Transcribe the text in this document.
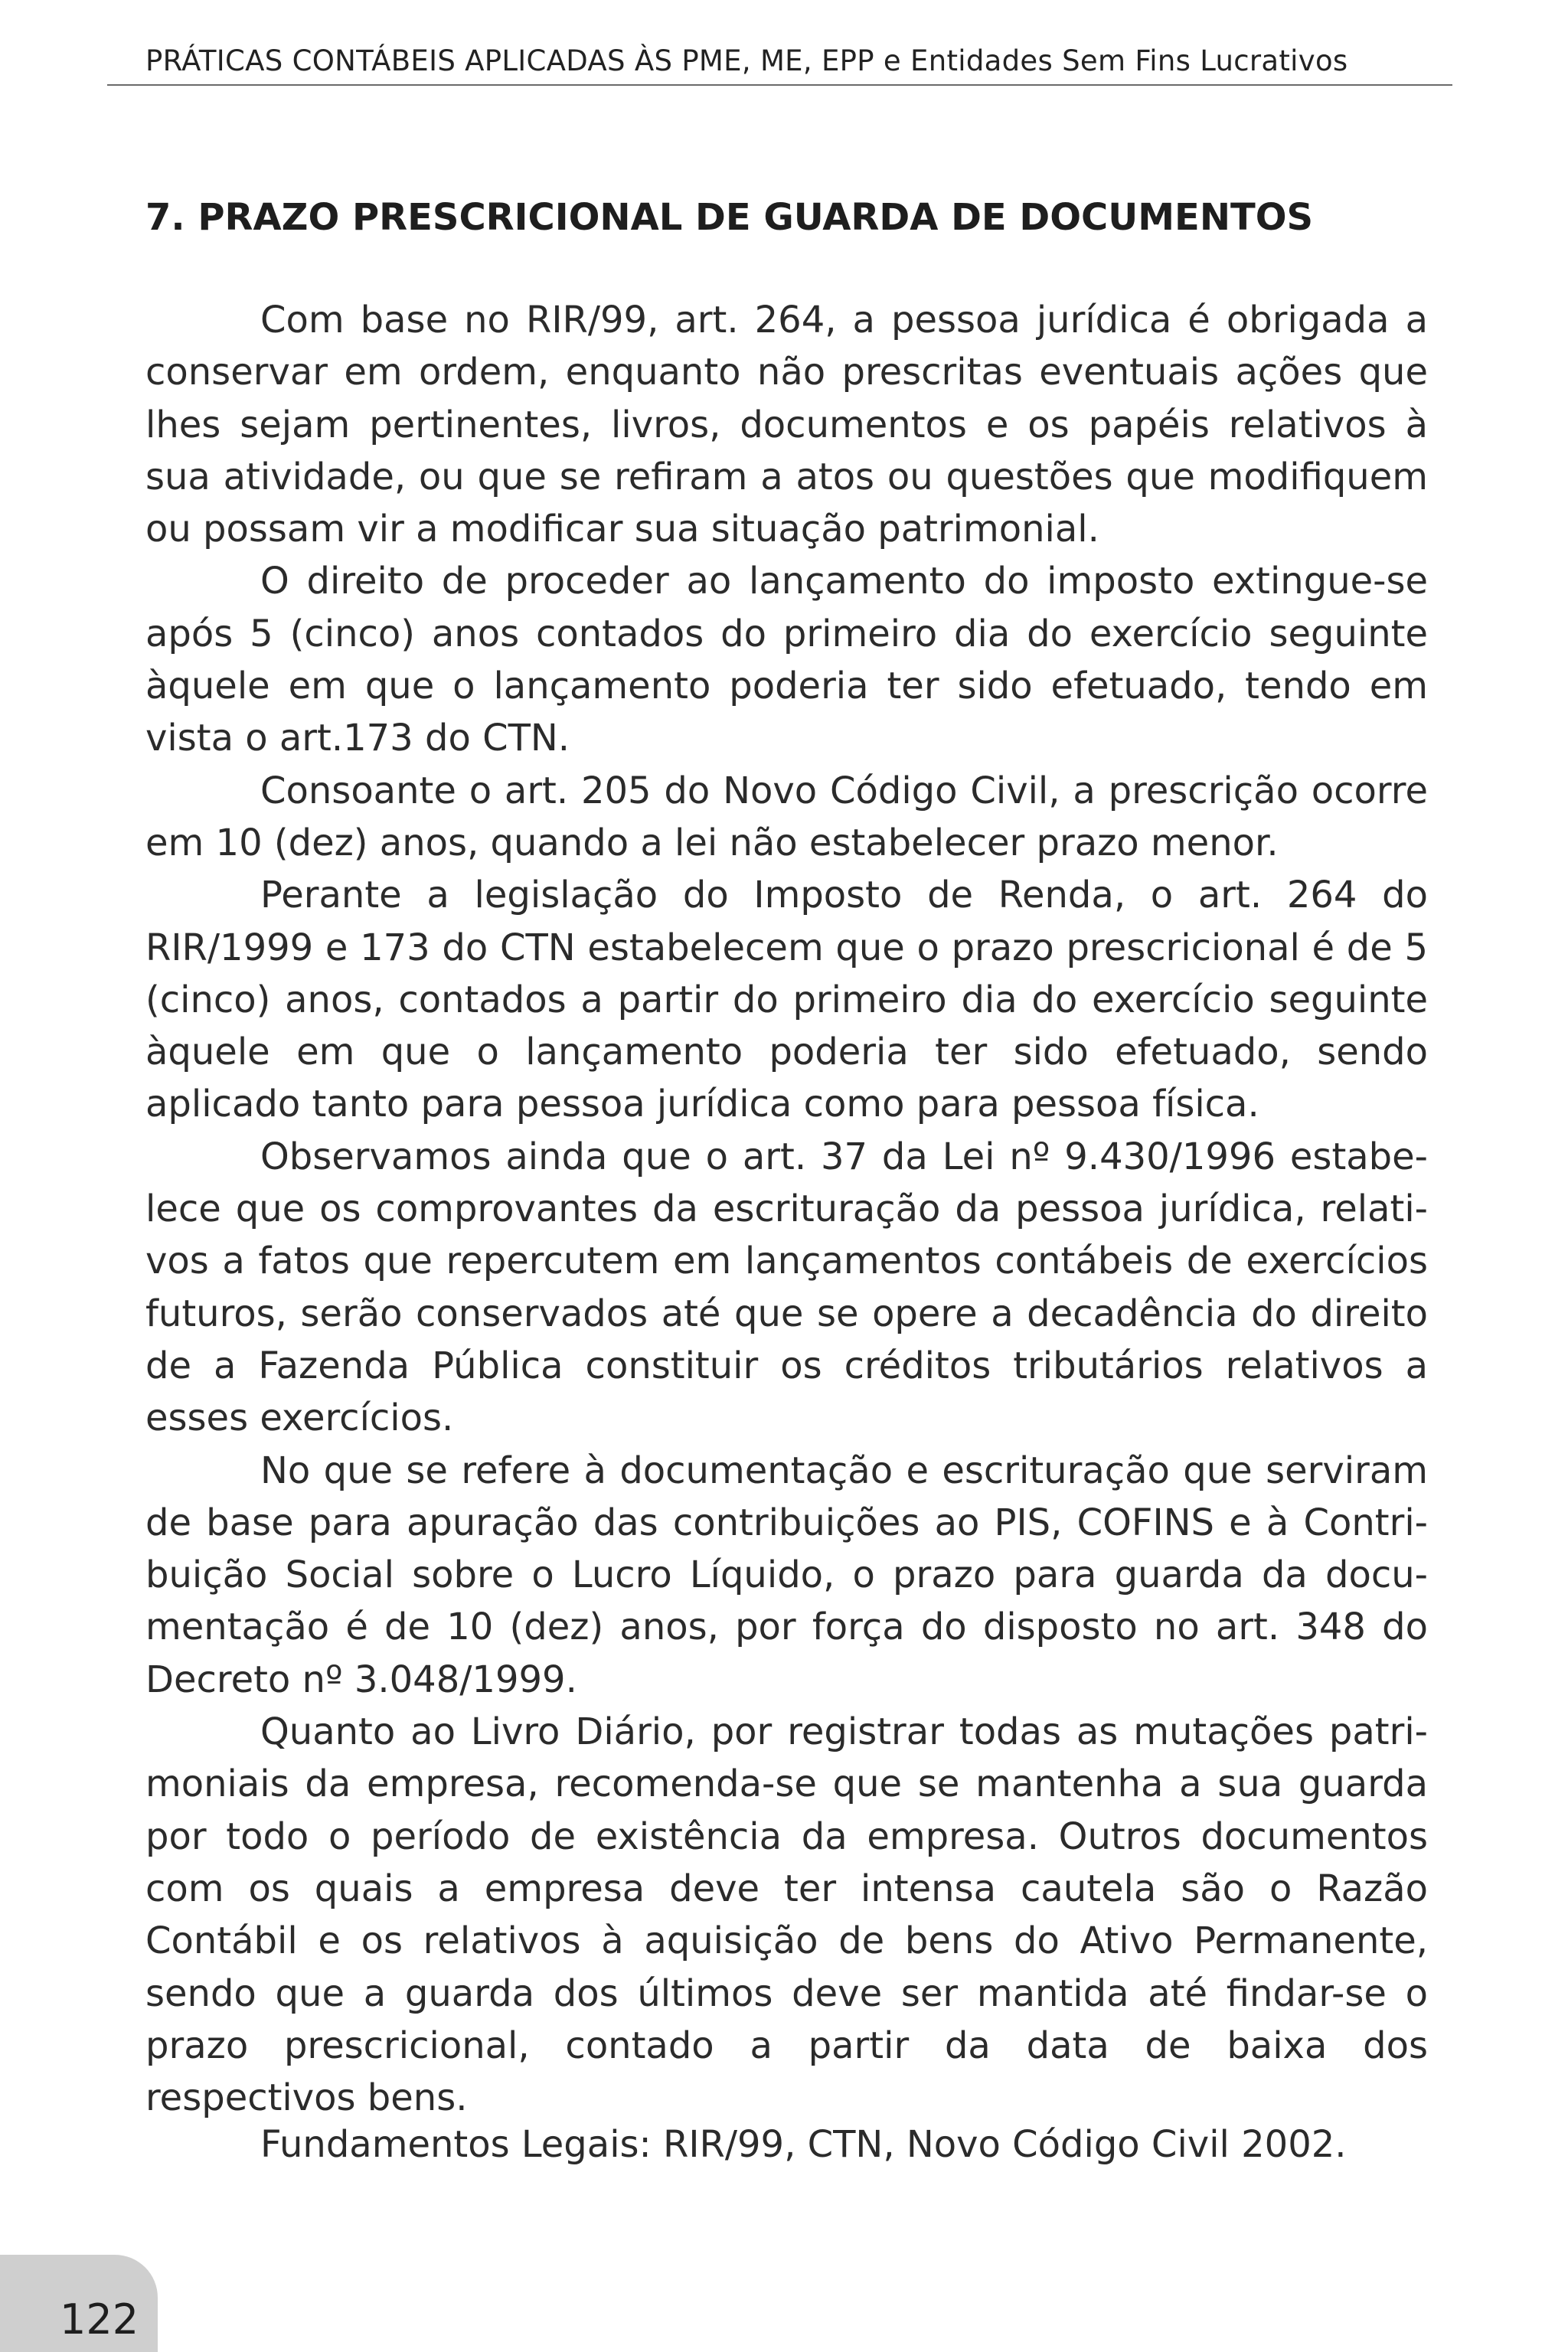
PRÁTICAS CONTÁBEIS APLICADAS ÀS PME, ME, EPP e Entidades Sem Fins Lucrativos
7. PRAZO PRESCRICIONAL DE GUARDA DE DOCUMENTOS

Com base no RIR/99, art. 264, a pessoa jurídica é obrigada a conservar em ordem, enquanto não prescritas eventuais ações que lhes sejam pertinentes, livros, documentos e os papéis relativos à sua atividade, ou que se refiram a atos ou questões que modifiquem ou possam vir a modificar sua situação patrimonial.

O direito de proceder ao lançamento do imposto extingue-se após 5 (cinco) anos contados do primeiro dia do exercício seguinte àquele em que o lançamento poderia ter sido efetuado, tendo em vista o art.173 do CTN.

Consoante o art. 205 do Novo Código Civil, a prescrição ocorre em 10 (dez) anos, quando a lei não estabelecer prazo menor.

Perante a legislação do Imposto de Renda, o art. 264 do RIR/1999 e 173 do CTN estabelecem que o prazo prescricional é de 5 (cinco) anos, contados a partir do primeiro dia do exercício seguinte àquele em que o lançamento poderia ter sido efetuado, sendo aplicado tanto para pessoa jurídica como para pessoa física.

Observamos ainda que o art. 37 da Lei nº 9.430/1996 estabelece que os comprovantes da escrituração da pessoa jurídica, relativos a fatos que repercutem em lançamentos contábeis de exercícios futuros, serão conservados até que se opere a decadência do direito de a Fazenda Pública constituir os créditos tributários relativos a esses exercícios.

No que se refere à documentação e escrituração que serviram de base para apuração das contribuições ao PIS, COFINS e à Contribuição Social sobre o Lucro Líquido, o prazo para guarda da documentação é de 10 (dez) anos, por força do disposto no art. 348 do Decreto nº 3.048/1999.

Quanto ao Livro Diário, por registrar todas as mutações patrimoniais da empresa, recomenda-se que se mantenha a sua guarda por todo o período de existência da empresa. Outros documentos com os quais a empresa deve ter intensa cautela são o Razão Contábil e os relativos à aquisição de bens do Ativo Permanente, sendo que a guarda dos últimos deve ser mantida até findar-se o prazo prescricional, contado a partir da data de baixa dos respectivos bens.

Fundamentos Legais: RIR/99, CTN, Novo Código Civil 2002.

122
